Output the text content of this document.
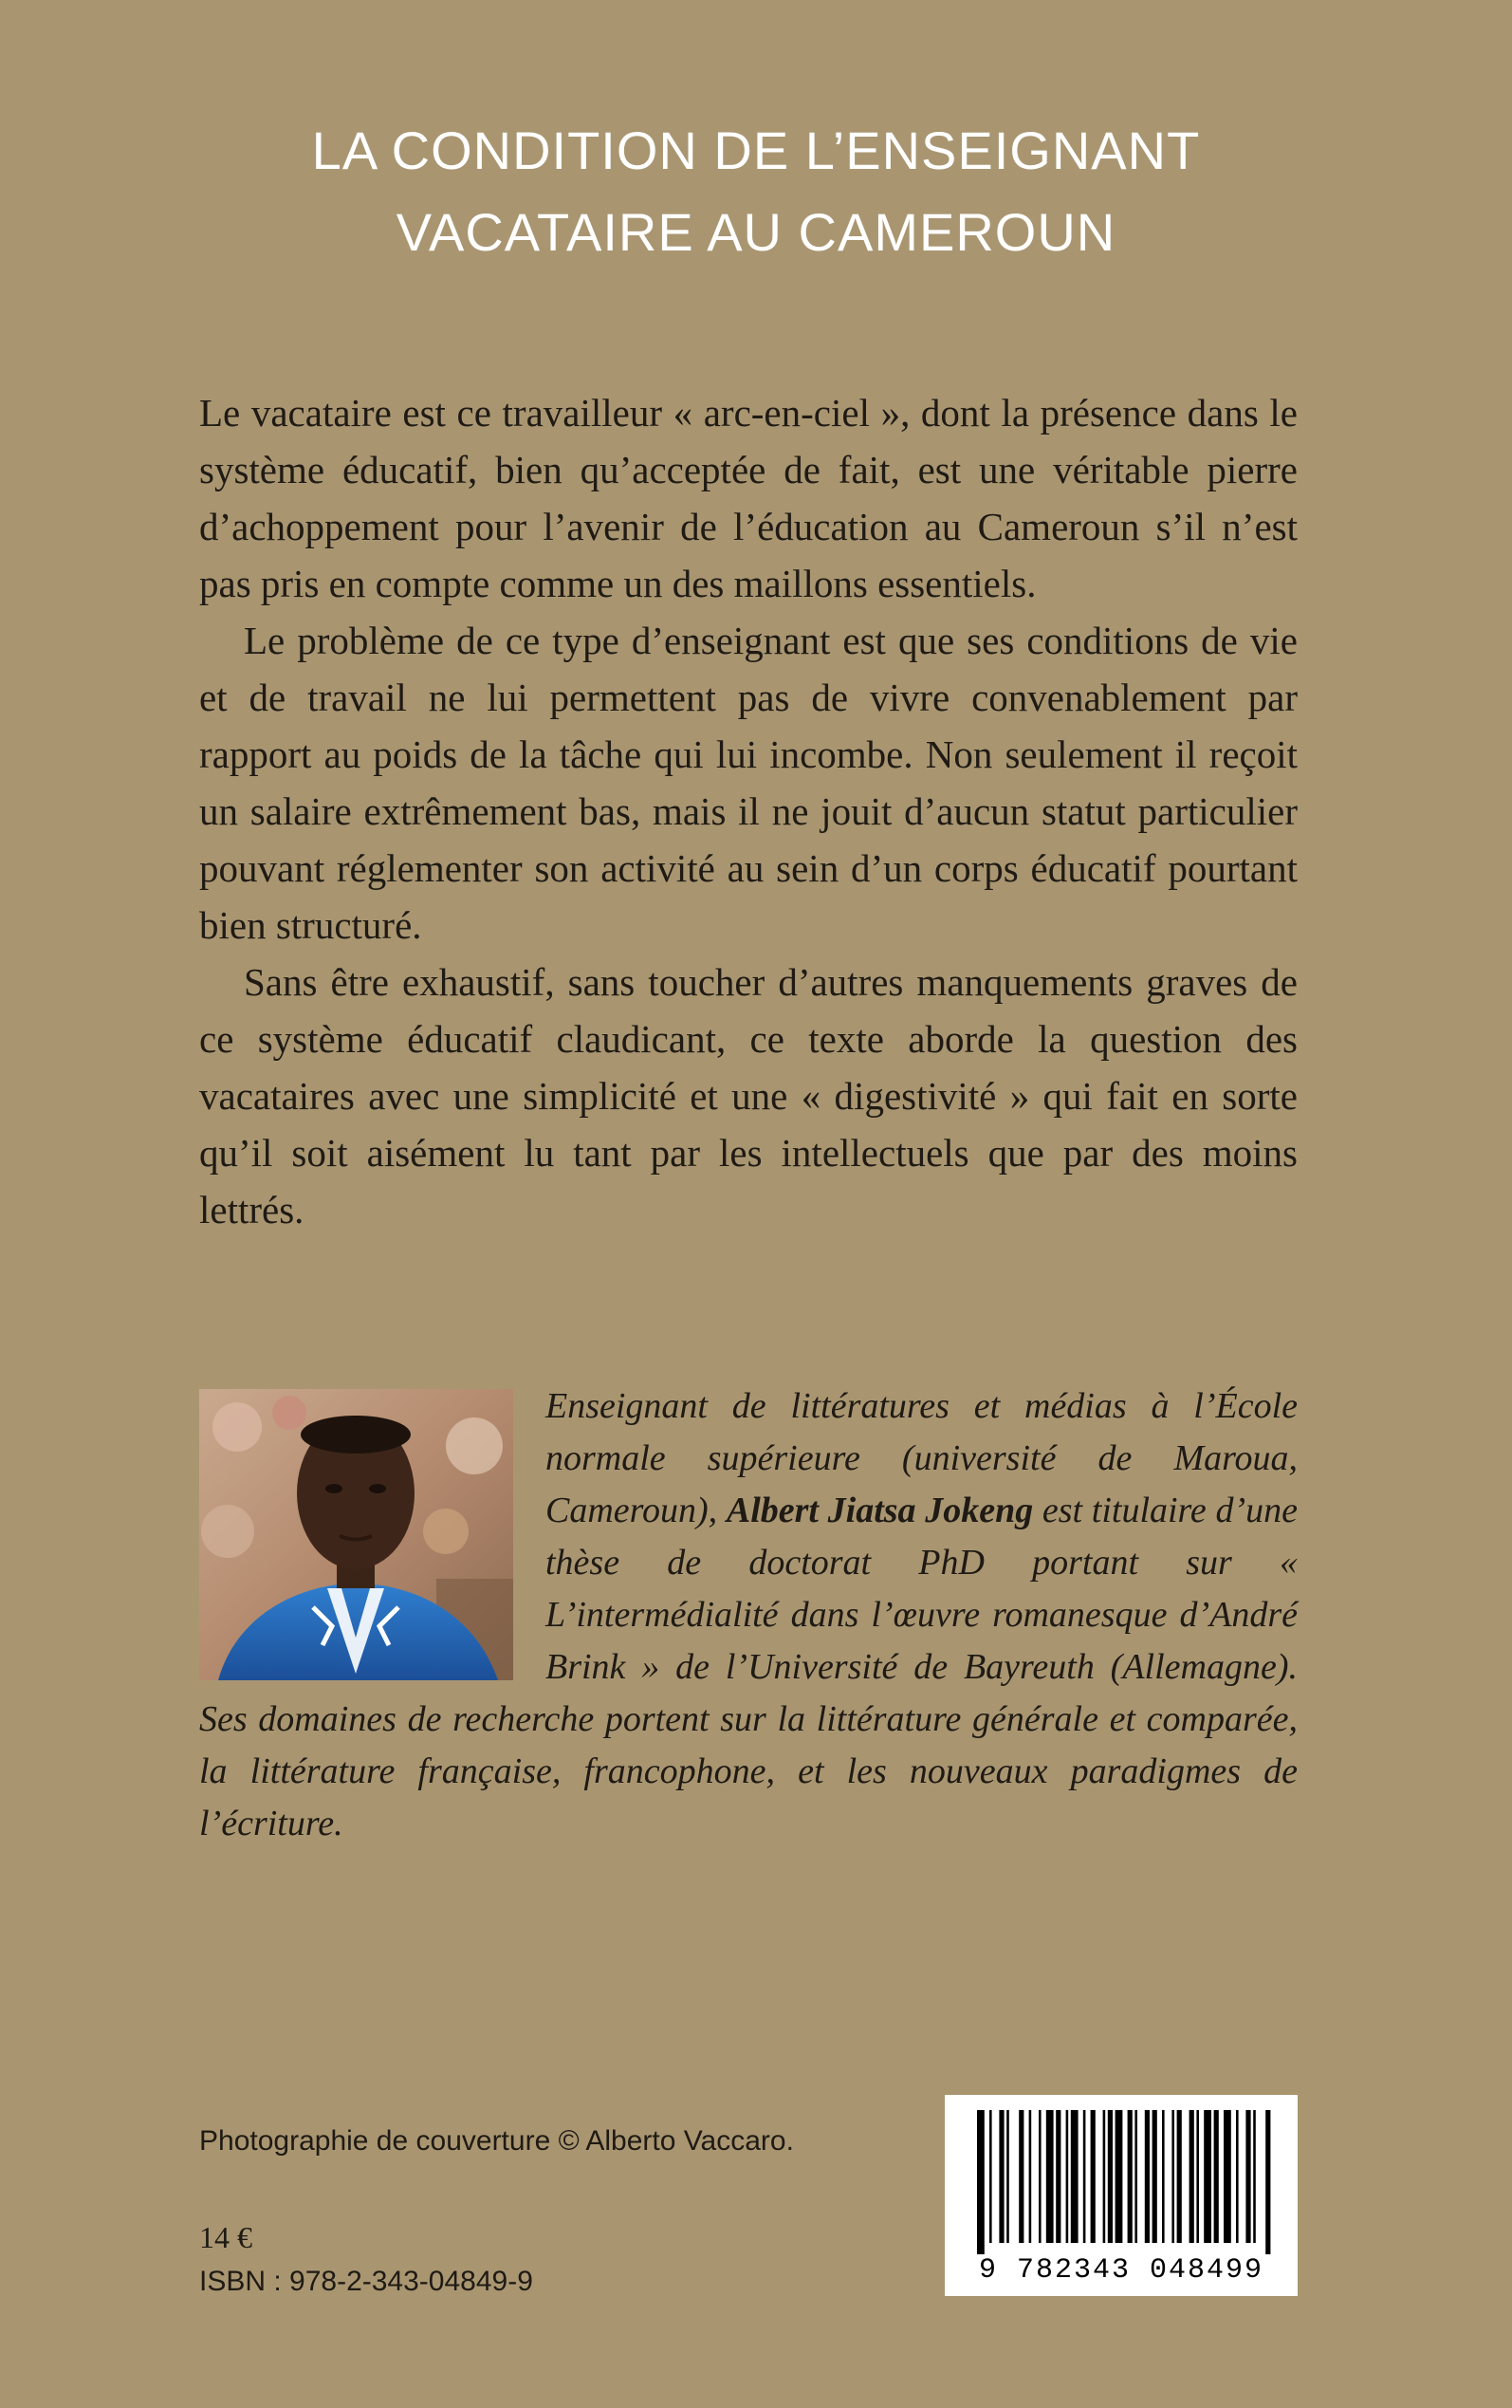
LA CONDITION DE L’ENSEIGNANT
VACATAIRE AU CAMEROUN

Le vacataire est ce travailleur « arc-en-ciel », dont la présence dans le système éducatif, bien qu’acceptée de fait, est une véritable pierre d’achoppement pour l’avenir de l’éducation au Cameroun s’il n’est pas pris en compte comme un des maillons essentiels.

Le problème de ce type d’enseignant est que ses conditions de vie et de travail ne lui permettent pas de vivre convenablement par rapport au poids de la tâche qui lui incombe. Non seulement il reçoit un salaire extrêmement bas, mais il ne jouit d’aucun statut particulier pouvant réglementer son activité au sein d’un corps éducatif pourtant bien structuré.

Sans être exhaustif, sans toucher d’autres manquements graves de ce système éducatif claudicant, ce texte aborde la question des vacataires avec une simplicité et une « digestivité » qui fait en sorte qu’il soit aisément lu tant par les intellectuels que par des moins lettrés.

Enseignant de littératures et médias à l’École normale supérieure (université de Maroua, Cameroun), Albert Jiatsa Jokeng est titulaire d’une thèse de doctorat PhD portant sur « L’intermédialité dans l’œuvre romanesque d’André Brink » de l’Université de Bayreuth (Allemagne). Ses domaines de recherche portent sur la littérature générale et comparée, la littérature française, francophone, et les nouveaux paradigmes de l’écriture.
Photographie de couverture © Alberto Vaccaro.
14 €
ISBN : 978-2-343-04849-9	9 782343 048499
